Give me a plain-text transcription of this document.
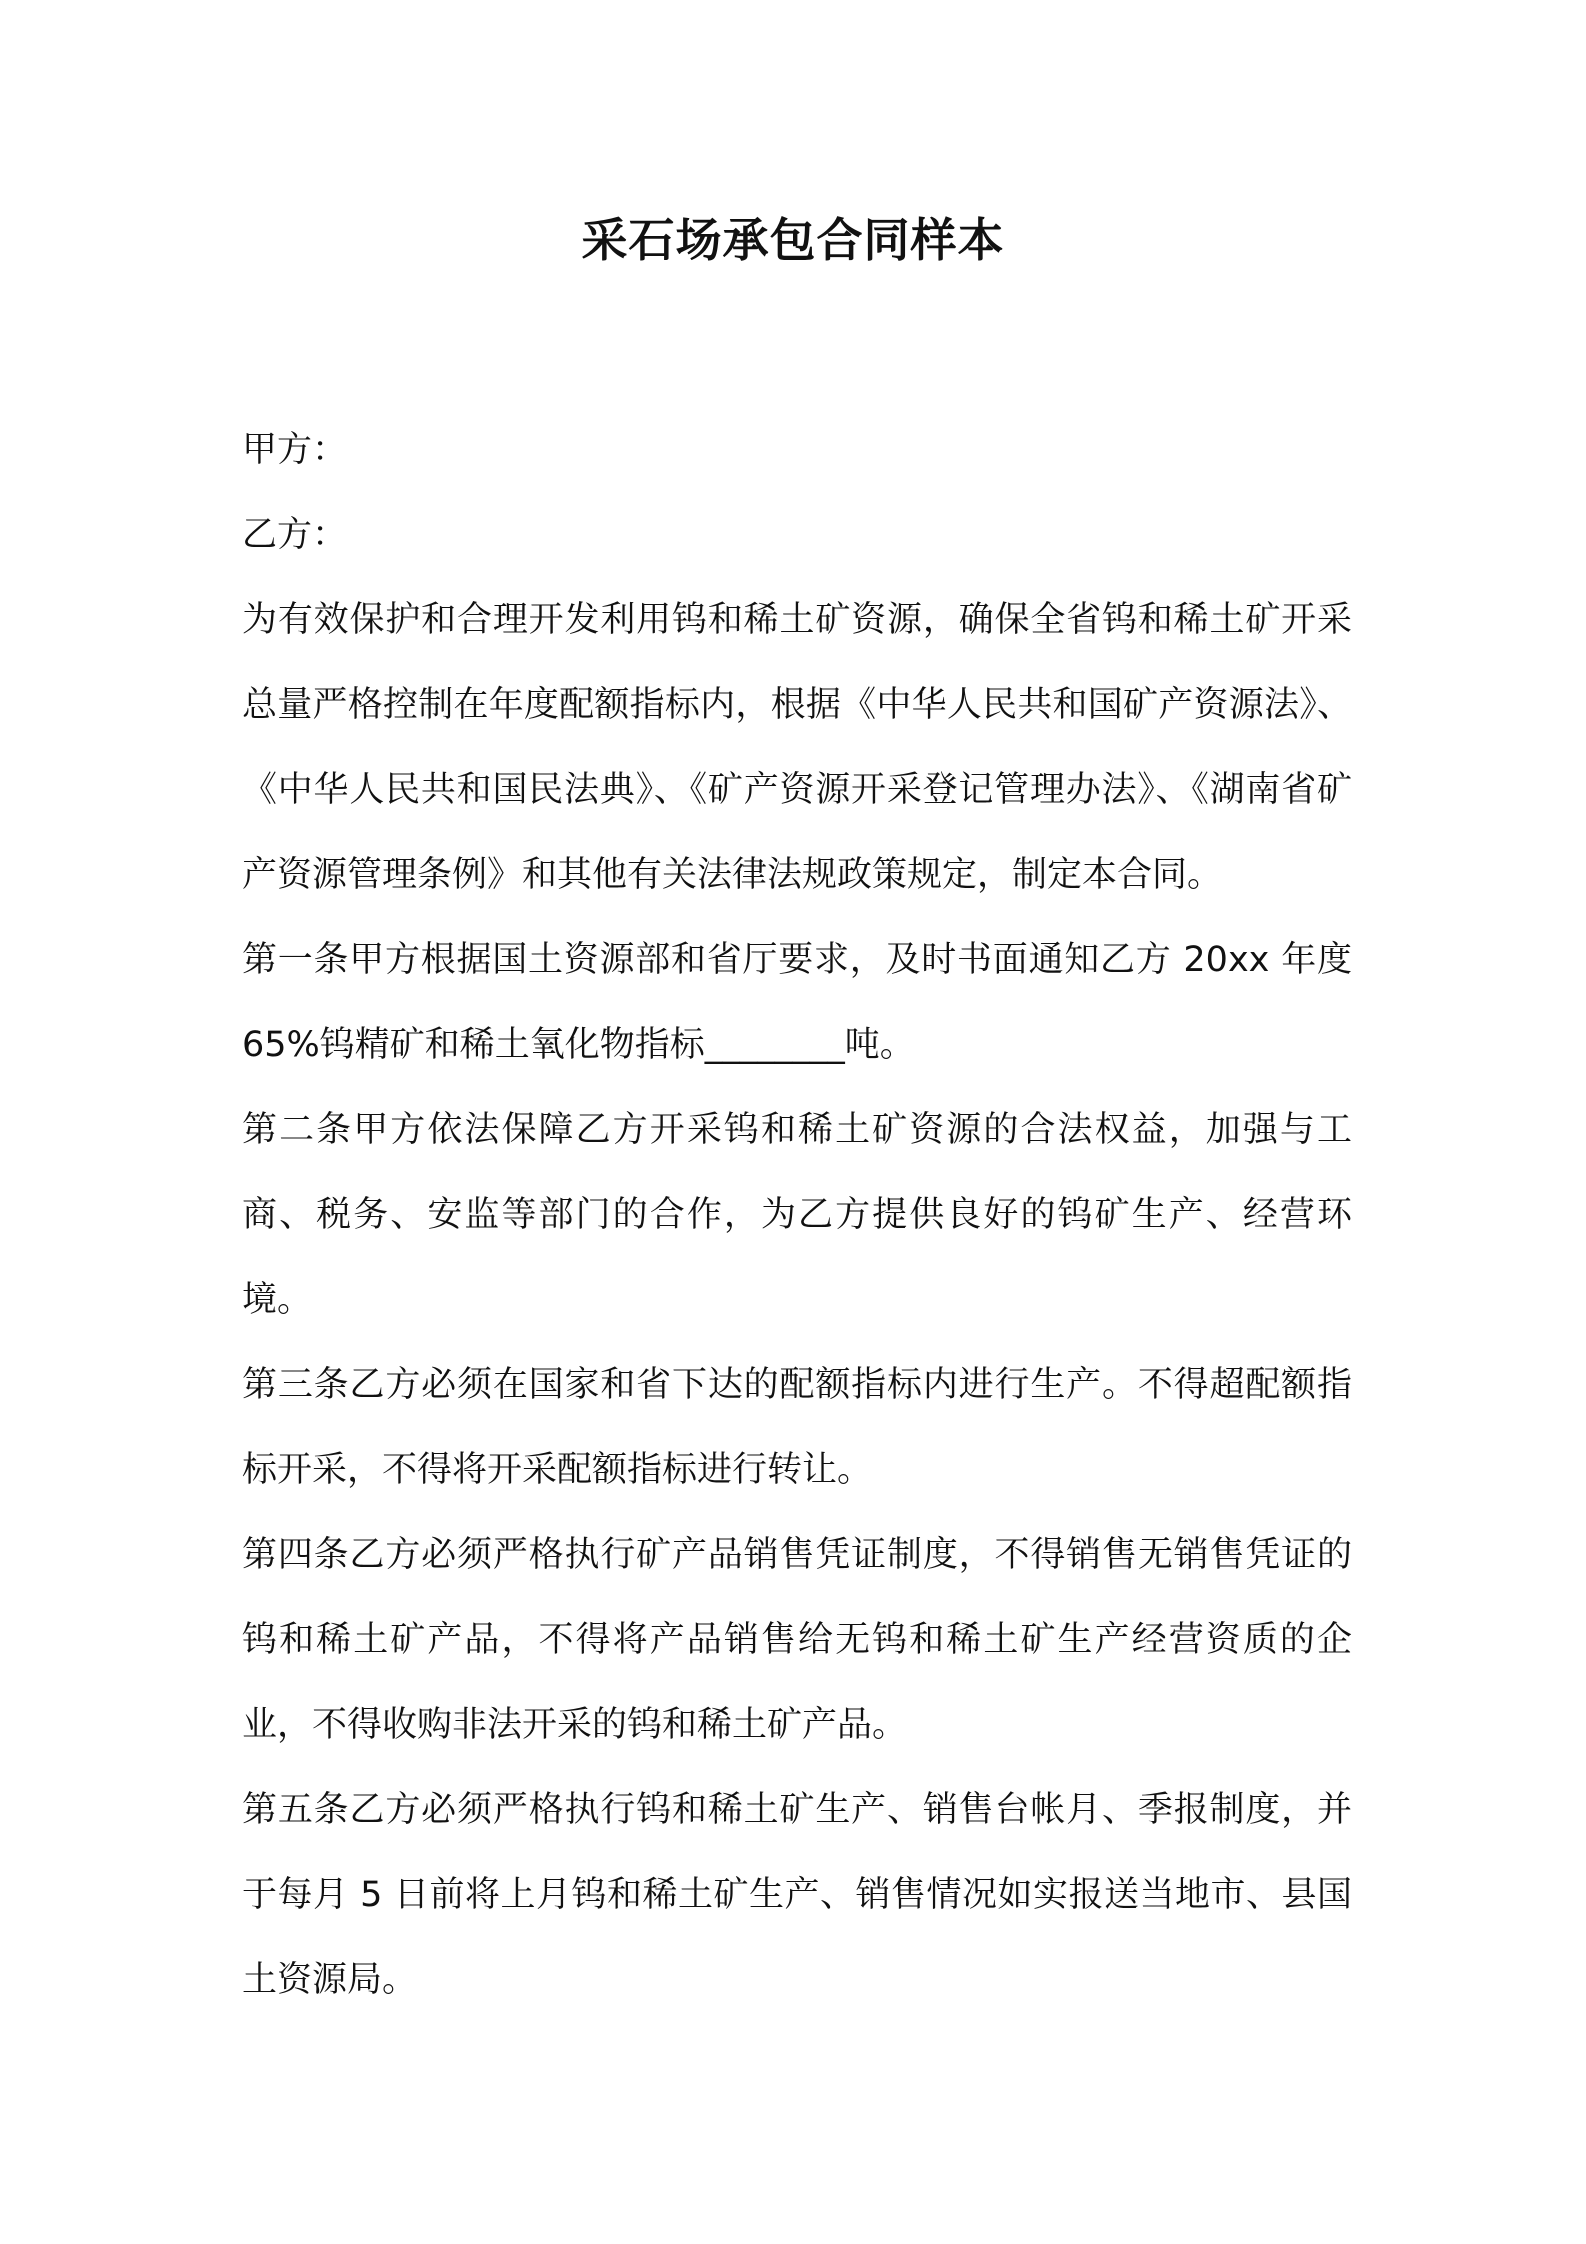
采石场承包合同样本

甲方：

乙方：

为有效保护和合理开发利用钨和稀土矿资源，确保全省钨和稀土矿开采总量严格控制在年度配额指标内，根据《中华人民共和国矿产资源法》、《中华人民共和国民法典》、《矿产资源开采登记管理办法》、《湖南省矿产资源管理条例》和其他有关法律法规政策规定，制定本合同。

第一条甲方根据国土资源部和省厅要求，及时书面通知乙方 20xx 年度 65%钨精矿和稀土氧化物指标________吨。

第二条甲方依法保障乙方开采钨和稀土矿资源的合法权益，加强与工商、税务、安监等部门的合作，为乙方提供良好的钨矿生产、经营环境。

第三条乙方必须在国家和省下达的配额指标内进行生产。不得超配额指标开采，不得将开采配额指标进行转让。

第四条乙方必须严格执行矿产品销售凭证制度，不得销售无销售凭证的钨和稀土矿产品，不得将产品销售给无钨和稀土矿生产经营资质的企业，不得收购非法开采的钨和稀土矿产品。

第五条乙方必须严格执行钨和稀土矿生产、销售台帐月、季报制度，并于每月 5 日前将上月钨和稀土矿生产、销售情况如实报送当地市、县国土资源局。
